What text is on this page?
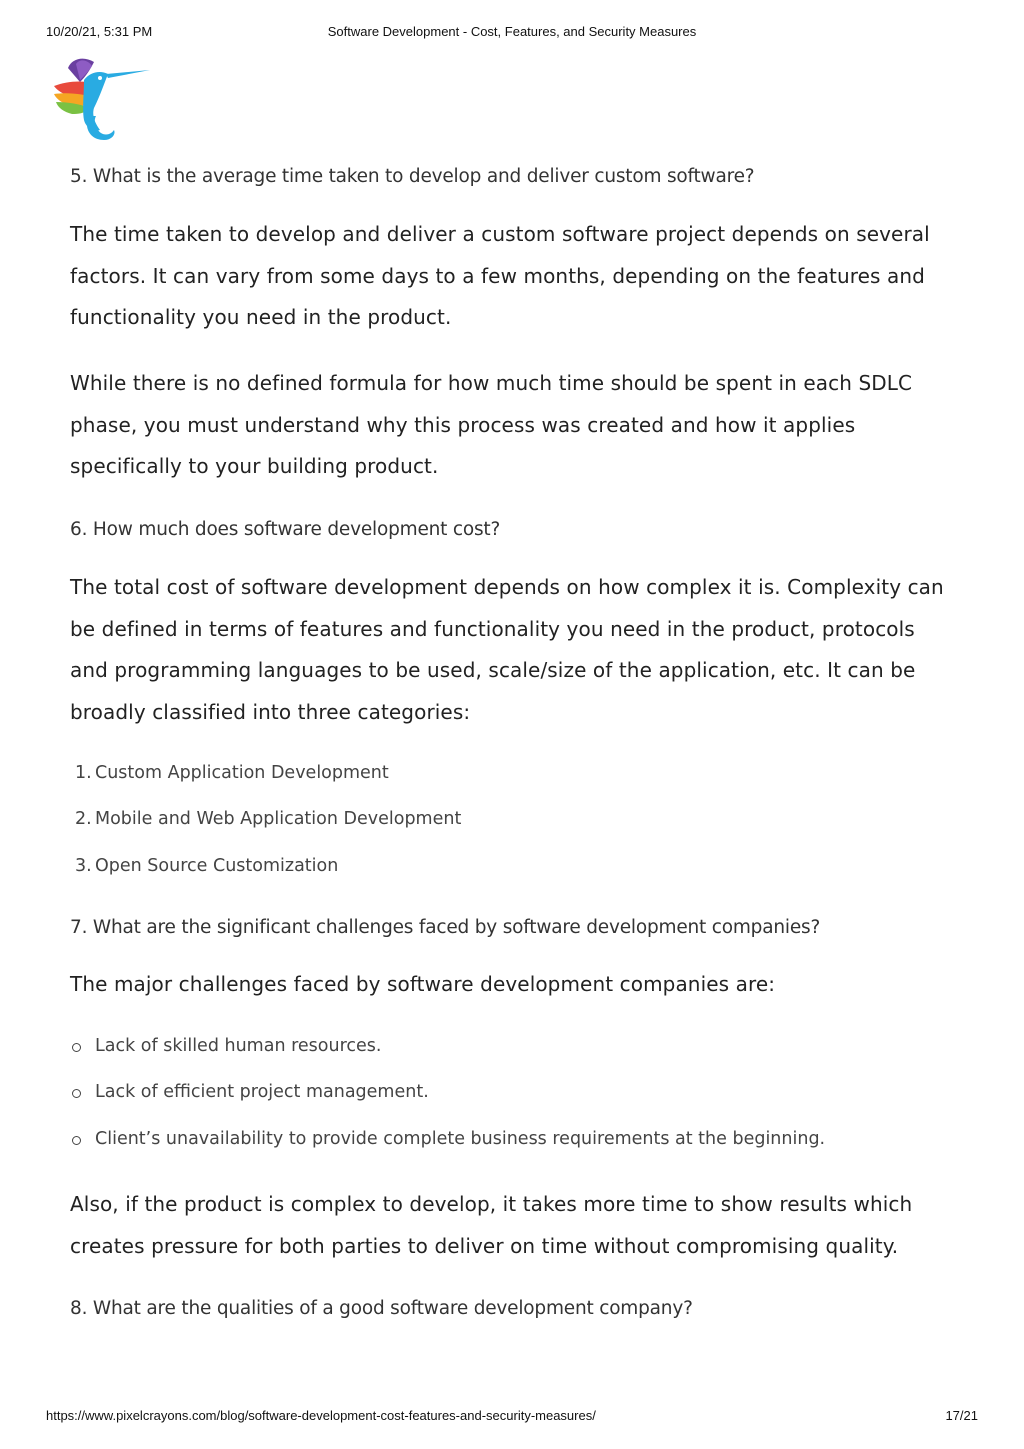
10/20/21, 5:31 PM	Software Development - Cost, Features, and Security Measures
5. What is the average time taken to develop and deliver custom software?

The time taken to develop and deliver a custom software project depends on several factors. It can vary from some days to a few months, depending on the features and functionality you need in the product.

While there is no defined formula for how much time should be spent in each SDLC phase, you must understand why this process was created and how it applies specifically to your building product.

6. How much does software development cost?

The total cost of software development depends on how complex it is. Complexity can be defined in terms of features and functionality you need in the product, protocols and programming languages to be used, scale/size of the application, etc. It can be broadly classified into three categories:

1. Custom Application Development
2. Mobile and Web Application Development
3. Open Source Customization
7. What are the significant challenges faced by software development companies?

The major challenges faced by software development companies are:

Lack of skilled human resources.
Lack of efficient project management.
Client’s unavailability to provide complete business requirements at the beginning.

Also, if the product is complex to develop, it takes more time to show results which creates pressure for both parties to deliver on time without compromising quality.

8. What are the qualities of a good software development company?
https://www.pixelcrayons.com/blog/software-development-cost-features-and-security-measures/	17/21
